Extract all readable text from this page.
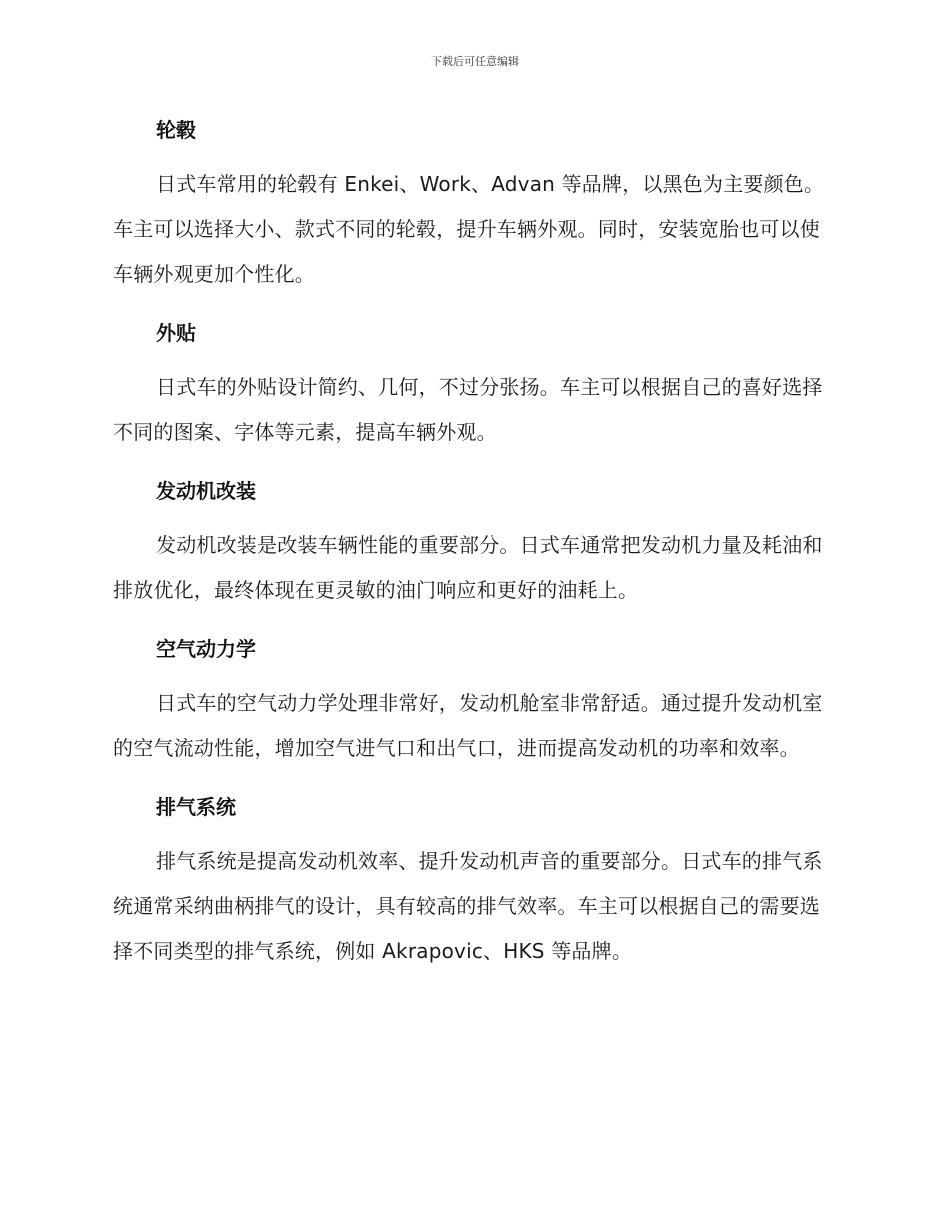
下载后可任意编辑
轮毂

日式车常用的轮毂有 Enkei、Work、Advan 等品牌，以黑色为主要颜色。车主可以选择大小、款式不同的轮毂，提升车辆外观。同时，安装宽胎也可以使车辆外观更加个性化。

外贴

日式车的外贴设计简约、几何，不过分张扬。车主可以根据自己的喜好选择不同的图案、字体等元素，提高车辆外观。

发动机改装

发动机改装是改装车辆性能的重要部分。日式车通常把发动机力量及耗油和排放优化，最终体现在更灵敏的油门响应和更好的油耗上。

空气动力学

日式车的空气动力学处理非常好，发动机舱室非常舒适。通过提升发动机室的空气流动性能，增加空气进气口和出气口，进而提高发动机的功率和效率。

排气系统

排气系统是提高发动机效率、提升发动机声音的重要部分。日式车的排气系统通常采纳曲柄排气的设计，具有较高的排气效率。车主可以根据自己的需要选择不同类型的排气系统，例如 Akrapovic、HKS 等品牌。
